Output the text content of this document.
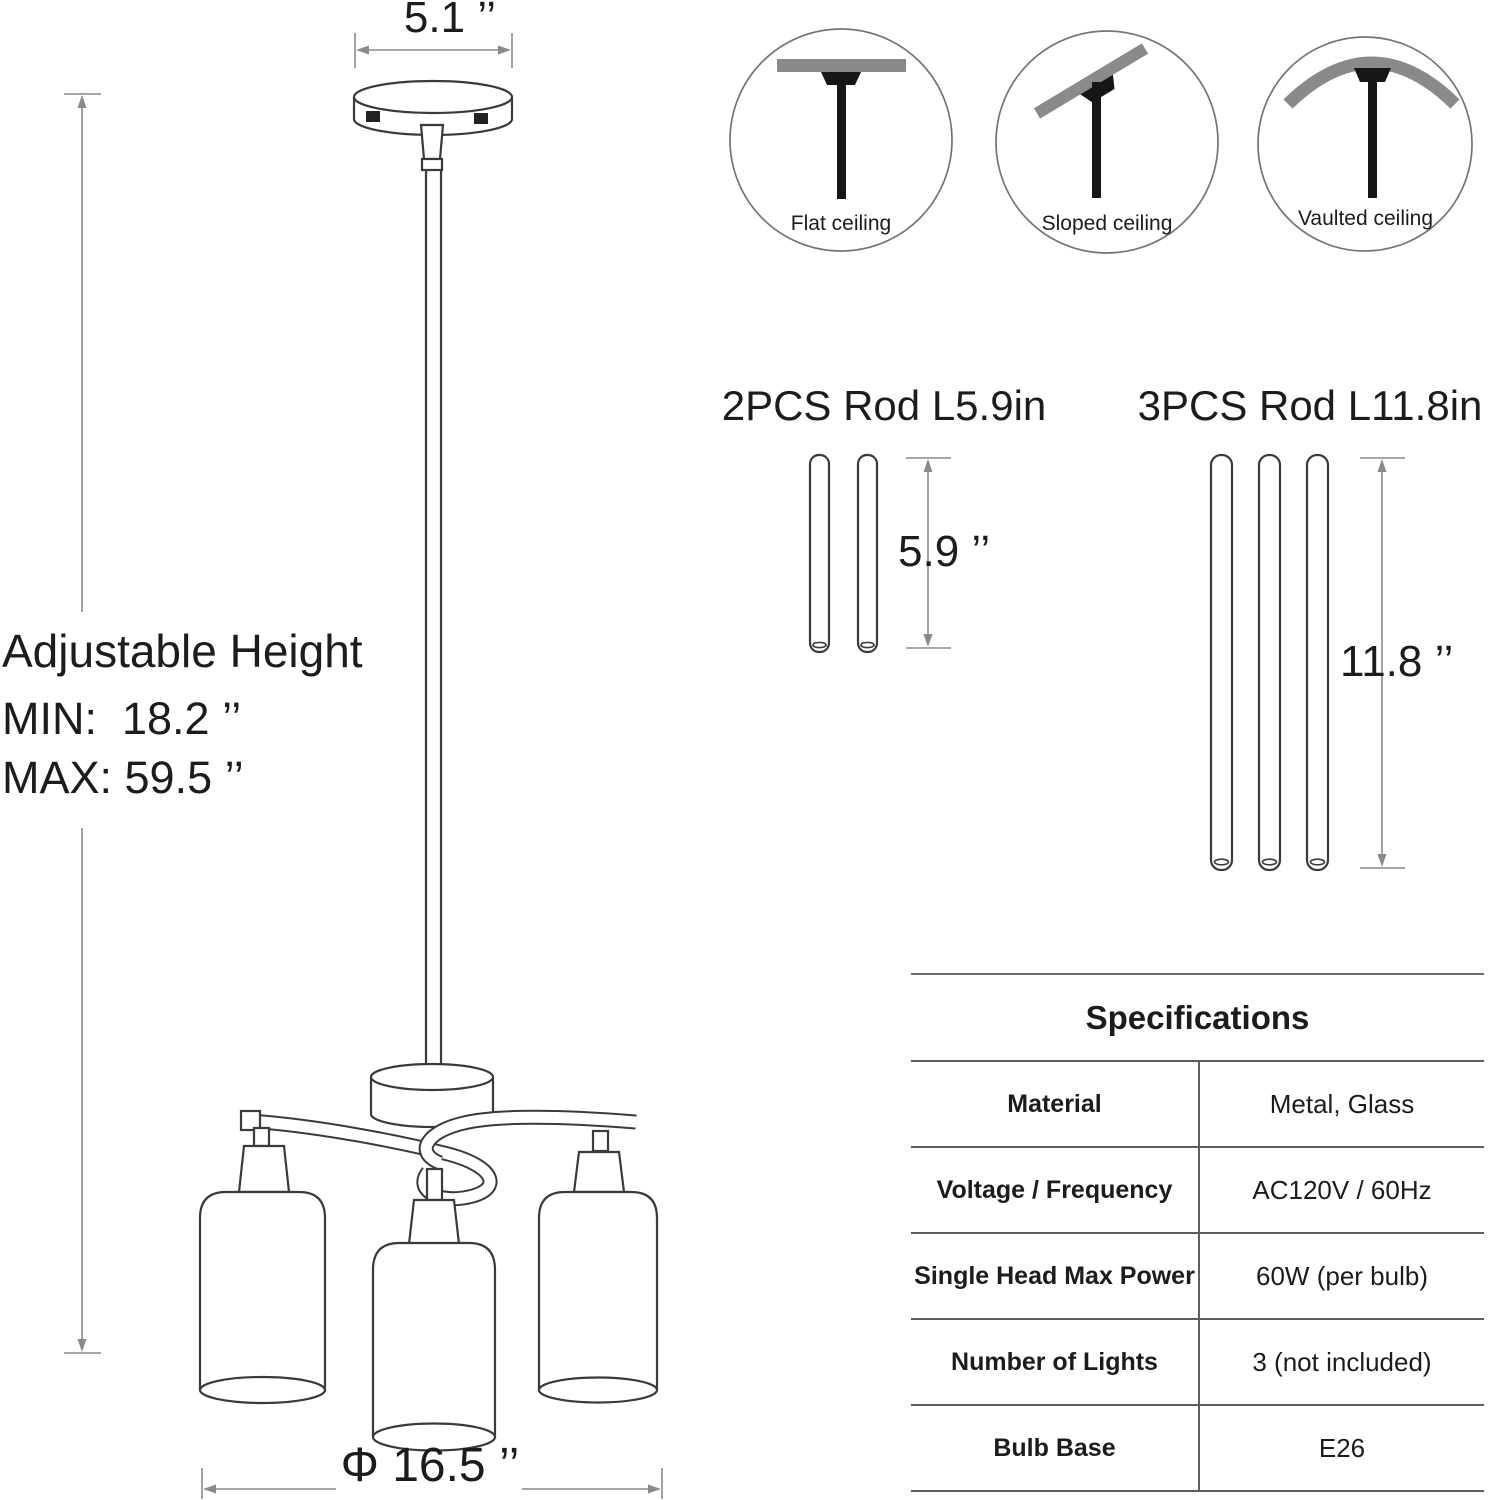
5.1 ’’
Adjustable Height
MIN:  18.2 ’’
MAX: 59.5 ’’
Φ 16.5 ’’
Flat ceiling	Sloped ceiling	Vaulted ceiling
2PCS Rod L5.9in
5.9 ’’
3PCS Rod L11.8in
11.8 ’’
Specifications
Material	Metal, Glass
Voltage / Frequency	AC120V / 60Hz
Single Head Max Power	60W (per bulb)
Number of Lights	3 (not included)
Bulb Base	E26
